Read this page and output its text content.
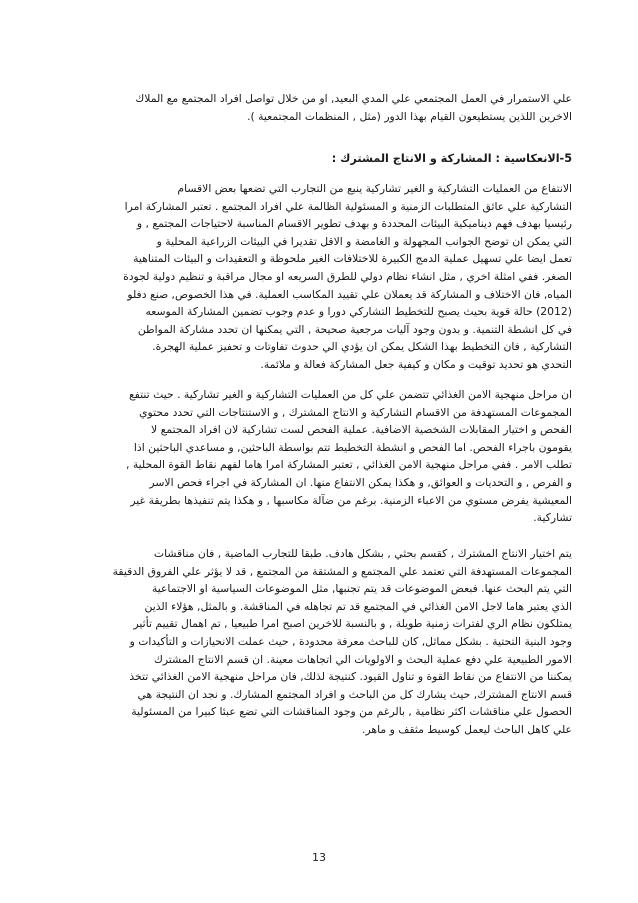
علي الاستمرار في العمل المجتمعي علي المدي البعيد, او من خلال تواصل افراد المجتمع مع الملاك
الاخرين اللذين يستطيعون القيام بهذا الدور (مثل , المنظمات المجتمعية ).
5-الانعكاسية : المشاركة و الانتاج المشترك :
الانتفاع من العمليات التشاركية و الغير تشاركية ينبع من التجارب التي تضعها بعض الاقسام
التشاركية علي عائق المتطلبات الزمنية و المسئولية الظالمة علي افراد المجتمع . تعتبر المشاركة امرا
رئيسيا بهدف فهم ديناميكية البيئات المحددة و بهدف تطوير الاقسام المناسبة لاحتياجات المجتمع , و
التي يمكن ان توضح الجوانب المجهولة و الغامضة و الاقل تقديرا في البيئات الزراعية المحلية و
تعمل ايضا علي تسهيل عملية الدمج الكبيرة للاختلافات الغير ملحوظة و التعقيدات و البيئات المتناهية
الصغر. ففي امثلة اخري , مثل انشاء نظام دولي للطرق السريعه او مجال مراقبة و تنظيم دولية لجودة
المياه, فان الاختلاف و المشاركة قد يعملان علي تقييد المكاسب العملية. في هذا الخصوص, صنع دفلو
(2012) حالة قوية بحيث يصبح للتخطيط التشاركي دورا و عدم وجوب تضمين المشاركة الموسعه
في كل انشطة التنمية. و بدون وجود آليات مرجعية صحيحة , التي يمكنها ان تحدد مشاركة المواطن
التشاركية , فان التخطيط بهذا الشكل يمكن ان يؤدي الي حدوث تفاوتات و تحفيز عملية الهجرة.
التحدي هو تحديد توقيت و مكان و كيفية جعل المشاركة فعالة و ملائمة.
ان مراحل منهجية الامن الغذائي تتضمن علي كل من العمليات التشاركية و الغير تشاركية . حيث تنتفع
المجموعات المستهدفة من الاقسام التشاركية و الانتاج المشترك , و الاستنتاجات التي تحدد محتوي
الفحص و اختيار المقابلات الشخصية الاضافية. عملية الفحص لست تشاركية لان افراد المجتمع لا
يقومون باجراء الفحص. اما الفحص و انشطة التخطيط تتم بواسطة الباحثين, و مساعدي الباحثين اذا
تطلب الامر . ففي مراحل منهجية الامن الغذائي , تعتبر المشاركة امرا هاما لفهم نقاط القوة المحلية ,
و الفرص , و التحديات و العوائق, و هكذا يمكن الانتفاع منها. ان المشاركة في اجراء فحص الاسر
المعيشية يفرض مستوي من الاعباء الزمنية. برغم من ضآلة مكاسبها , و هكذا يتم تنفيذها بطريقة غير
تشاركية.
يتم اختيار الانتاج المشترك , كقسم بحثي , بشكل هادف. طبقا للتجارب الماضية , فان مناقشات
المجموعات المستهدفة التي تعتمد علي المجتمع و المشتقة من المجتمع , قد لا يؤثر علي الفروق الدقيقة
التي يتم البحث عنها. فبعض الموضوعات قد يتم تجنبها, مثل الموضوعات السياسية او الاجتماعية
الذي يعتبر هاما لاجل الامن الغذائي في المجتمع قد تم تجاهله في المناقشة. و بالمثل, هؤلاء الذين
يمتلكون نظام الري لفترات زمنية طويلة , و بالنسبة للاخرين اصبح امرا طبيعيا , تم اهمال تقييم تأثير
وجود البنية التحتية . بشكل مماثل, كان للباحث معرفة محدودة , حيث عملت الانحيازات و التأكيدات و
الامور الطبيعية علي دفع عملية البحث و الاولويات الي اتجاهات معينة. ان قسم الانتاج المشترك
يمكننا من الانتفاع من نقاط القوة و تناول القيود. كنتيجة لذلك, فان مراحل منهجية الامن الغذائي تتخذ
قسم الانتاج المشترك, حيث يشارك كل من الباحث و افراد المجتمع المشارك. و نجد ان النتيجة هي
الحصول علي مناقشات اكثر نظامية , بالرغم من وجود المناقشات التي تضع عبئا كبيرا من المسئولية
علي كاهل الباحث ليعمل كوسيط مثقف و ماهر.
13
